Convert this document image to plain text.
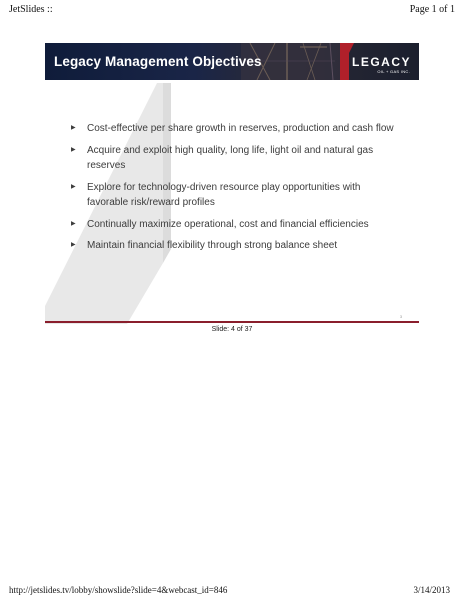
JetSlides ::	Page 1 of 1
Legacy Management Objectives	LEGACY
OIL + GAS INC.
▶ Cost-effective per share growth in reserves, production and cash flow
▶ Acquire and exploit high quality, long life, light oil and natural gas reserves
▶ Explore for technology-driven resource play opportunities with favorable risk/reward profiles
▶ Continually maximize operational, cost and financial efficiencies
▶ Maintain financial flexibility through strong balance sheet
3
Slide: 4 of 37
http://jetslides.tv/lobby/showslide?slide=4&webcast_id=846	3/14/2013
